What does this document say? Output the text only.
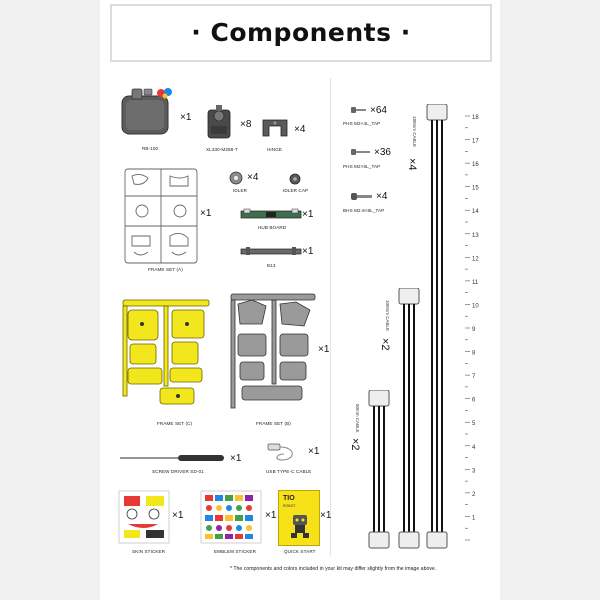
· Components ·
×1
RB-100
×8
XL330-M288-T
×4
HINGE
×1
FRAME SET (A)
×4
IDLER	IDLER CAP
×1
HUB BOARD
×1
B13
FRAME SET (C)
×1
FRAME SET (B)
×1
SCREW DRIVER SD-01
×1
USB TYPE-C CABLE
×1
SKIN STICKER
×1
EMBLEM STICKER
TIO
ROBOT
×1
QUICK START
×64
PHS M2×4L_TAP
×36
PHS M2×6L_TAP
×4
BHS M2.6×8L_TAP
180mm CABLE
×4
100mm CABLE
×2
50mm CABLE
×2
18
17
16
15
14
13
12
11
10
9
8
7
6
5
4
3
2
1
* The components and colors included in your kit may differ slightly from the image above.
